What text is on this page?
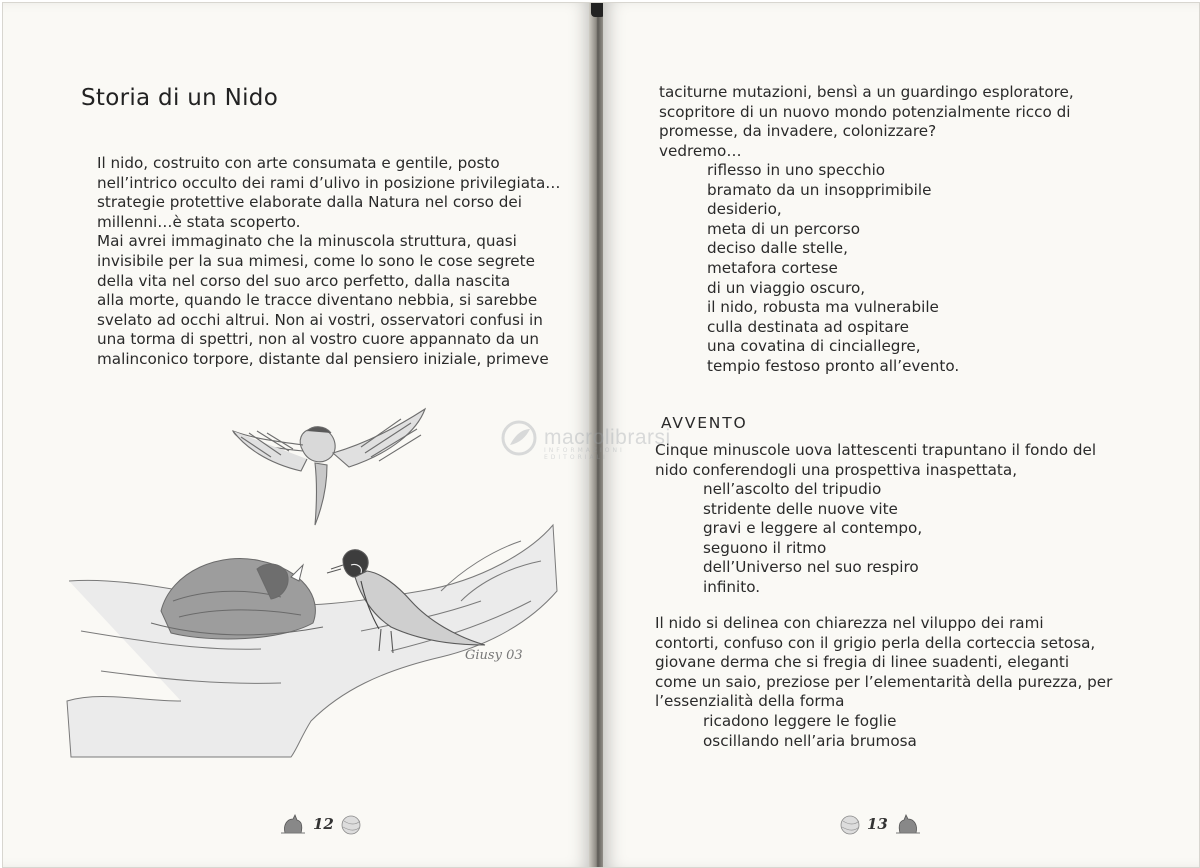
Storia di un Nido
Il nido, costruito con arte consumata e gentile, posto
nell’intrico occulto dei rami d’ulivo in posizione privilegiata…
strategie protettive elaborate dalla Natura nel corso dei
millenni…è stata scoperto.
Mai avrei immaginato che la minuscola struttura, quasi
invisibile per la sua mimesi, come lo sono le cose segrete
della vita nel corso del suo arco perfetto, dalla nascita
alla morte, quando le tracce diventano nebbia, si sarebbe
svelato ad occhi altrui. Non ai vostri, osservatori confusi in
una torma di spettri, non al vostro cuore appannato da un
malinconico torpore, distante dal pensiero iniziale, primeve
Giusy 03
12
taciturne mutazioni, bensì a un guardingo esploratore,
scopritore di un nuovo mondo potenzialmente ricco di
promesse, da invadere, colonizzare?
vedremo…
riflesso in uno specchio
bramato da un insopprimibile
desiderio,
meta di un percorso
deciso dalle stelle,
metafora cortese
di un viaggio oscuro,
il nido, robusta ma vulnerabile
culla destinata ad ospitare
una covatina di cinciallegre,
tempio festoso pronto all’evento.
AVVENTO
Cinque minuscole uova lattescenti trapuntano il fondo del
nido conferendogli una prospettiva inaspettata,
nell’ascolto del tripudio
stridente delle nuove vite
gravi e leggere al contempo,
seguono il ritmo
dell’Universo nel suo respiro
infinito.
Il nido si delinea con chiarezza nel viluppo dei rami
contorti, confuso con il grigio perla della corteccia setosa,
giovane derma che si fregia di linee suadenti, eleganti
come un saio, preziose per l’elementarità della purezza, per
l’essenzialità della forma
ricadono leggere le foglie
oscillando nell’aria brumosa
13
macrolibrarsi
INFORMAZIONI EDITORIALI
